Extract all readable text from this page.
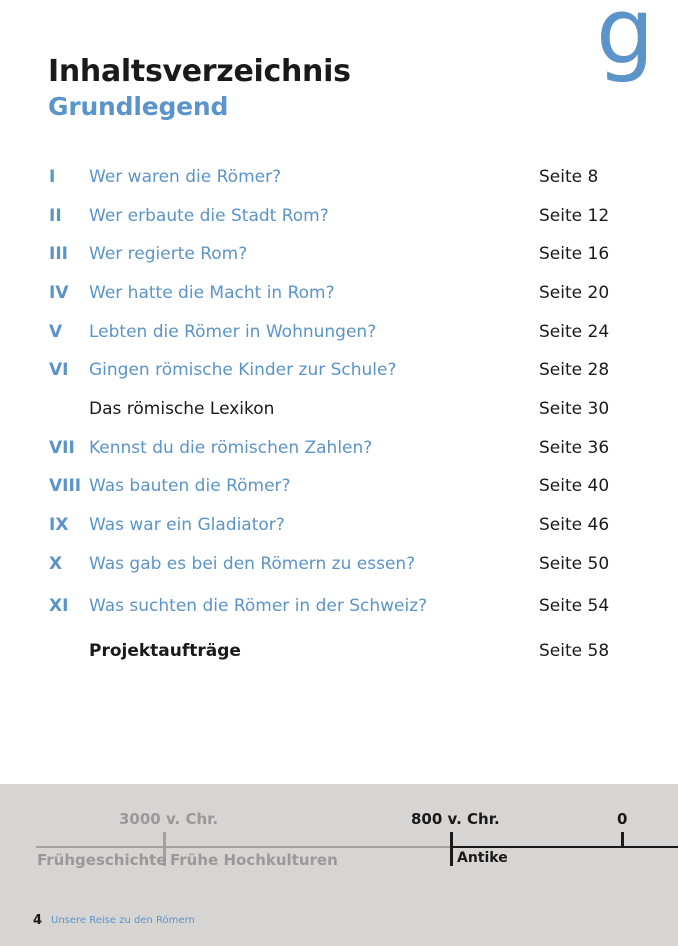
g
Inhaltsverzeichnis
Grundlegend
I Wer waren die Römer?	Seite 8
II Wer erbaute die Stadt Rom?	Seite 12
III Wer regierte Rom?	Seite 16
IV Wer hatte die Macht in Rom?	Seite 20
V Lebten die Römer in Wohnungen?	Seite 24
VI Gingen römische Kinder zur Schule?	Seite 28
Das römische Lexikon	Seite 30
VII Kennst du die römischen Zahlen?	Seite 36
VIII Was bauten die Römer?	Seite 40
IX Was war ein Gladiator?	Seite 46
X Was gab es bei den Römern zu essen?	Seite 50
XI Was suchten die Römer in der Schweiz?	Seite 54
Projektaufträge	Seite 58
3000 v. Chr.	800 v. Chr.	0
Frühgeschichte Frühe Hochkulturen	Antike
4 Unsere Reise zu den Römern
